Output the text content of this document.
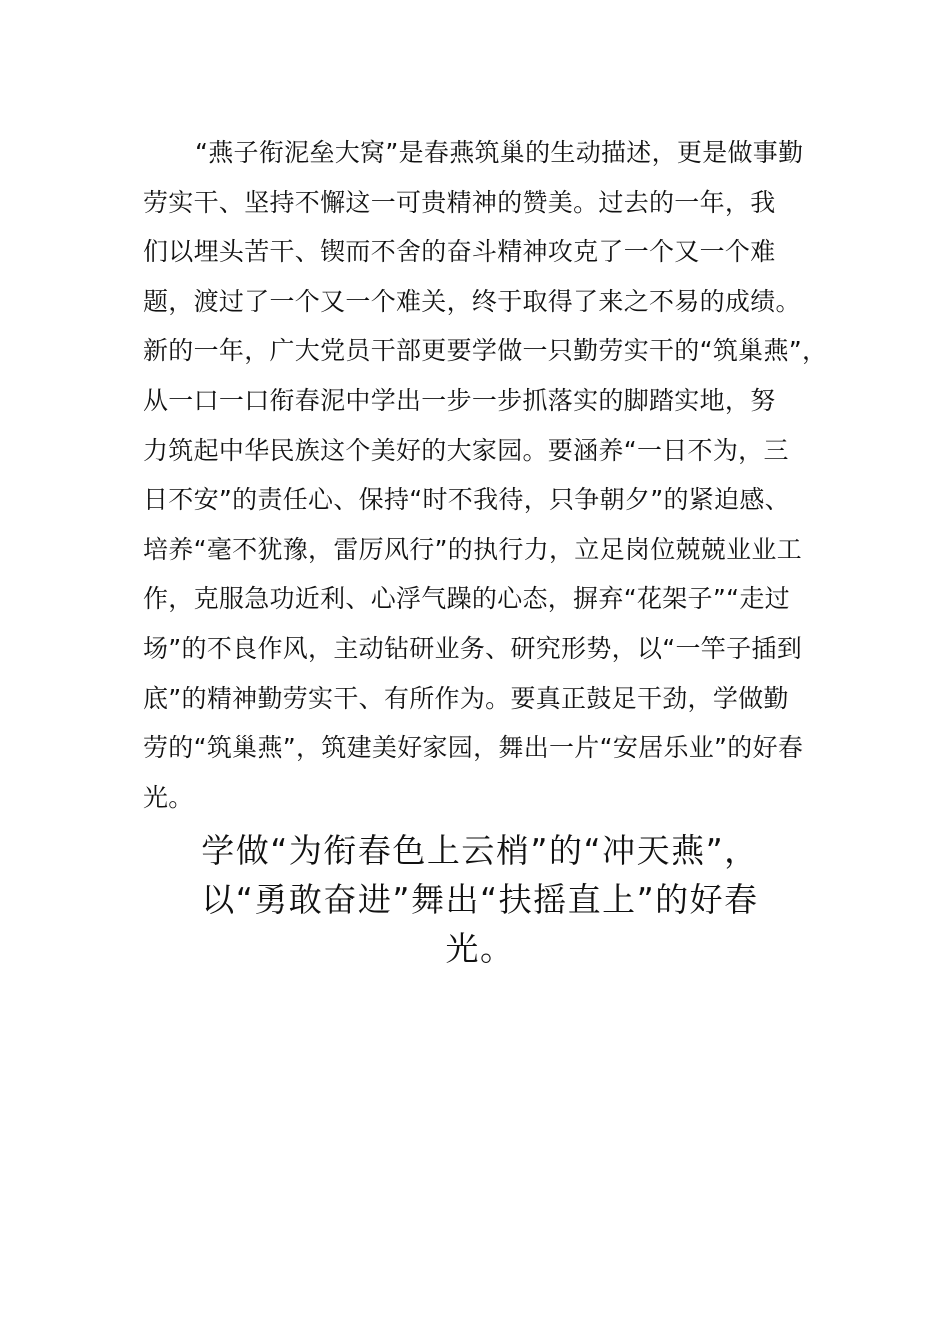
“燕子衔泥垒大窝”是春燕筑巢的生动描述，更是做事勤
劳实干、坚持不懈这一可贵精神的赞美。过去的一年，我
们以埋头苦干、锲而不舍的奋斗精神攻克了一个又一个难
题，渡过了一个又一个难关，终于取得了来之不易的成绩。
新的一年，广大党员干部更要学做一只勤劳实干的“筑巢燕”，
从一口一口衔春泥中学出一步一步抓落实的脚踏实地，努
力筑起中华民族这个美好的大家园。要涵养“一日不为，三
日不安”的责任心、保持“时不我待，只争朝夕”的紧迫感、
培养“毫不犹豫，雷厉风行”的执行力，立足岗位兢兢业业工
作，克服急功近利、心浮气躁的心态，摒弃“花架子”“走过
场”的不良作风，主动钻研业务、研究形势，以“一竿子插到
底”的精神勤劳实干、有所作为。要真正鼓足干劲，学做勤
劳的“筑巢燕”，筑建美好家园，舞出一片“安居乐业”的好春
光。
学做“为衔春色上云梢”的“冲天燕”，
以“勇敢奋进”舞出“扶摇直上”的好春
光。
